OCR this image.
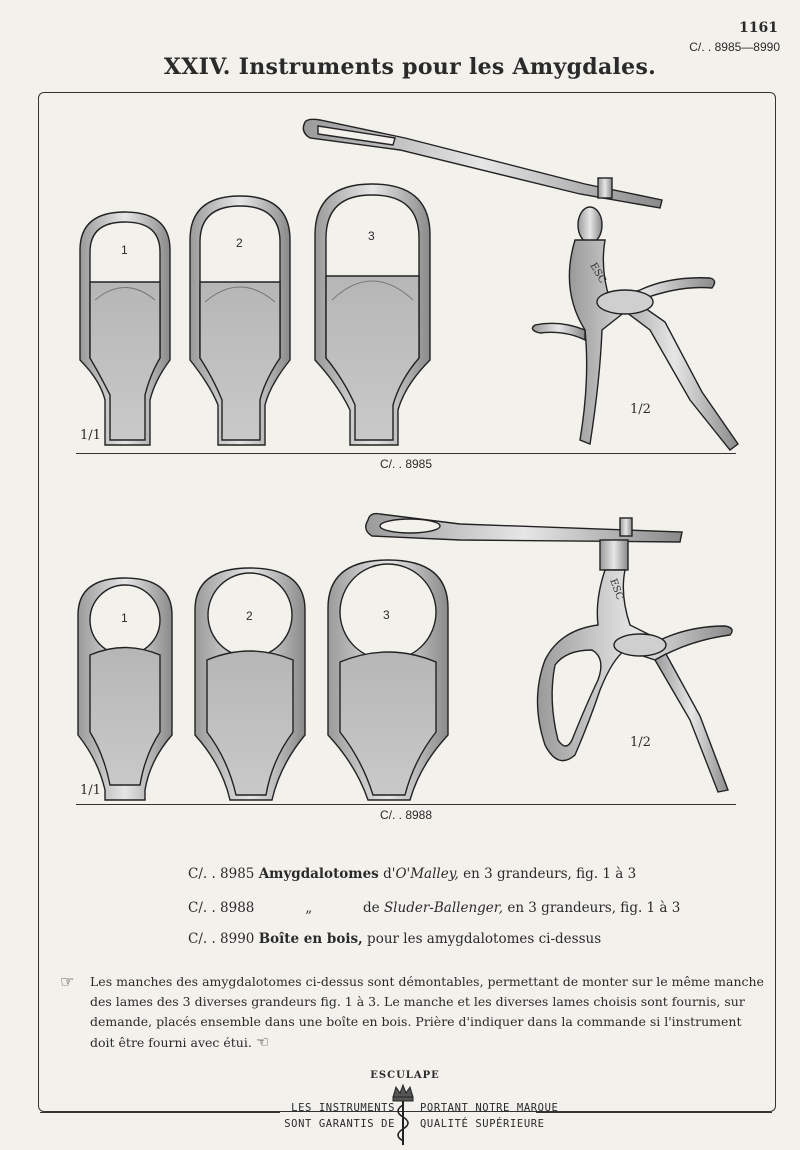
1161
C/. . 8985—8990
XXIV. Instruments pour les Amygdales.
ESC
ESC
1	2	3
1/1
1/2
C/. . 8985
1	2	3
1/1
1/2
C/. . 8988
C/. . 8985 Amygdalotomes d'O'Malley, en 3 grandeurs, fig. 1 à 3
C/. . 8988	„	de Sluder-Ballenger, en 3 grandeurs, fig. 1 à 3
C/. . 8990 Boîte en bois, pour les amygdalotomes ci-dessus
☞ Les manches des amygdalotomes ci-dessus sont démontables, permettant de monter sur le même manche des lames des 3 diverses grandeurs fig. 1 à 3. Le manche et les diverses lames choisis sont fournis, sur demande, placés ensemble dans une boîte en bois. Prière d'indiquer dans la commande si l'instrument doit être fourni avec étui. ☜
ESCULAPE
LES INSTRUMENTS
SONT GARANTIS DE
PORTANT NOTRE MARQUE
QUALITÉ SUPÉRIEURE
